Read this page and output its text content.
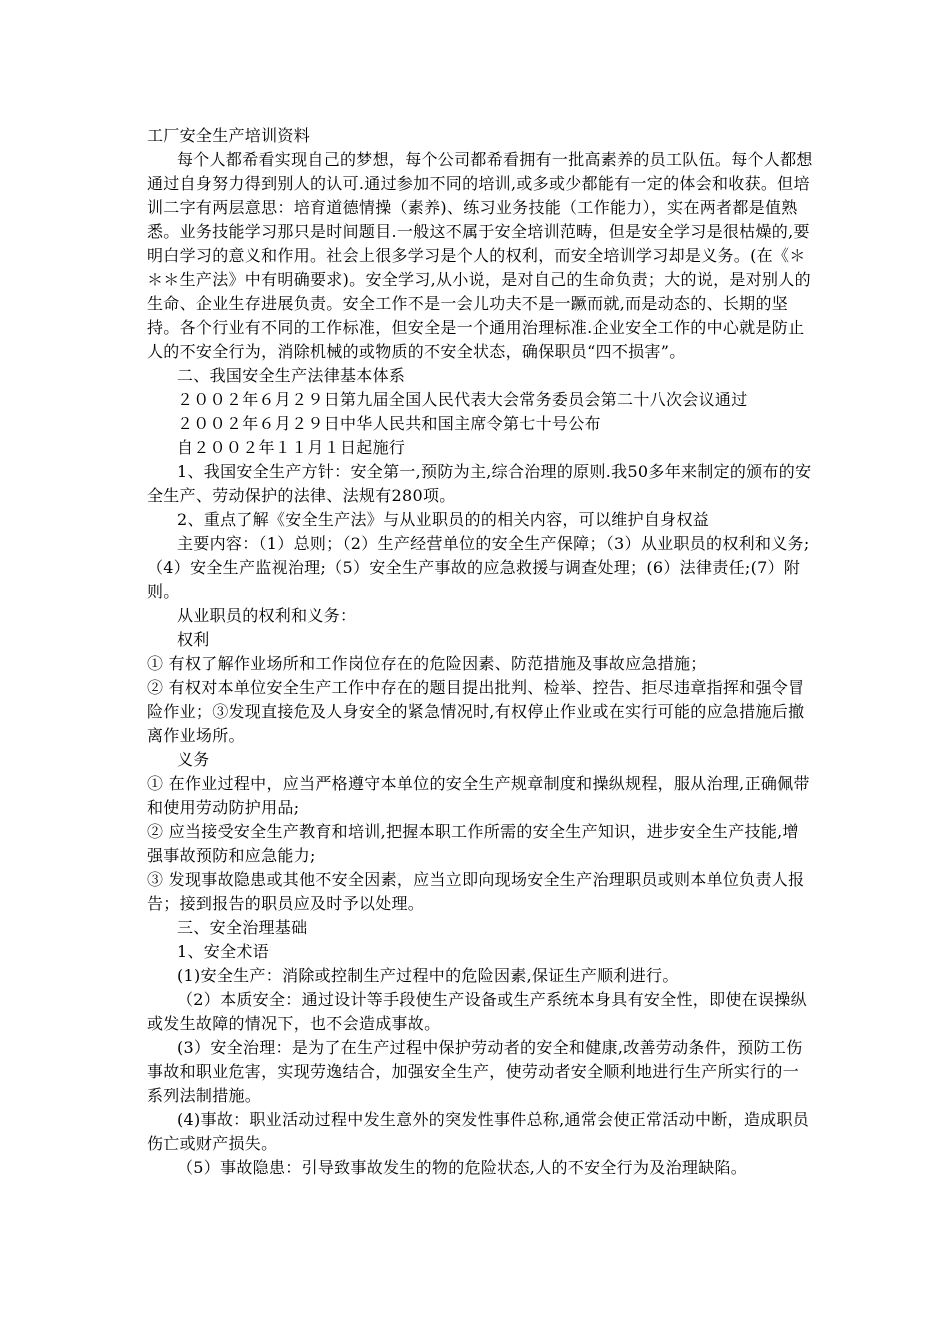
工厂安全生产培训资料

每个人都希看实现自己的梦想，每个公司都希看拥有一批高素养的员工队伍。每个人都想通过自身努力得到别人的认可.通过参加不同的培训,或多或少都能有一定的体会和收获。但培训二字有两层意思：培育道德情操（素养)、练习业务技能（工作能力），实在两者都是值熟悉。业务技能学习那只是时间题目.一般这不属于安全培训范畴，但是安全学习是很枯燥的,要明白学习的意义和作用。社会上很多学习是个人的权利，而安全培训学习却是义务。(在《＊＊＊生产法》中有明确要求)。安全学习,从小说，是对自己的生命负责；大的说，是对别人的生命、企业生存进展负责。安全工作不是一会儿功夫不是一蹶而就,而是动态的、长期的坚持。各个行业有不同的工作标准，但安全是一个通用治理标准.企业安全工作的中心就是防止人的不安全行为，消除机械的或物质的不安全状态，确保职员“四不损害”。

二、我国安全生产法律基本体系

２００２年６月２９日第九届全国人民代表大会常务委员会第二十八次会议通过

２００２年６月２９日中华人民共和国主席令第七十号公布

自２００２年１１月１日起施行

1、我国安全生产方针：安全第一,预防为主,综合治理的原则.我50多年来制定的颁布的安全生产、劳动保护的法律、法规有280项。

2、重点了解《安全生产法》与从业职员的的相关内容，可以维护自身权益

主要内容：（1）总则；（2）生产经营单位的安全生产保障；（3）从业职员的权利和义务;（4）安全生产监视治理;（5）安全生产事故的应急救援与调查处理；(6）法律责任;(7）附则。

从业职员的权利和义务：

权利

① 有权了解作业场所和工作岗位存在的危险因素、防范措施及事故应急措施；

② 有权对本单位安全生产工作中存在的题目提出批判、检举、控告、拒尽违章指挥和强令冒险作业；③发现直接危及人身安全的紧急情况时,有权停止作业或在实行可能的应急措施后撤离作业场所。

义务

① 在作业过程中，应当严格遵守本单位的安全生产规章制度和操纵规程，服从治理,正确佩带和使用劳动防护用品;

② 应当接受安全生产教育和培训,把握本职工作所需的安全生产知识，进步安全生产技能,增强事故预防和应急能力;

③ 发现事故隐患或其他不安全因素，应当立即向现场安全生产治理职员或则本单位负责人报告；接到报告的职员应及时予以处理。

三、安全治理基础

1、安全术语

(1)安全生产：消除或控制生产过程中的危险因素,保证生产顺利进行。

（2）本质安全：通过设计等手段使生产设备或生产系统本身具有安全性，即使在误操纵或发生故障的情况下，也不会造成事故。

(3）安全治理：是为了在生产过程中保护劳动者的安全和健康,改善劳动条件，预防工伤事故和职业危害，实现劳逸结合，加强安全生产，使劳动者安全顺利地进行生产所实行的一系列法制措施。

(4)事故：职业活动过程中发生意外的突发性事件总称,通常会使正常活动中断，造成职员伤亡或财产损失。

（5）事故隐患：引导致事故发生的物的危险状态,人的不安全行为及治理缺陷。
